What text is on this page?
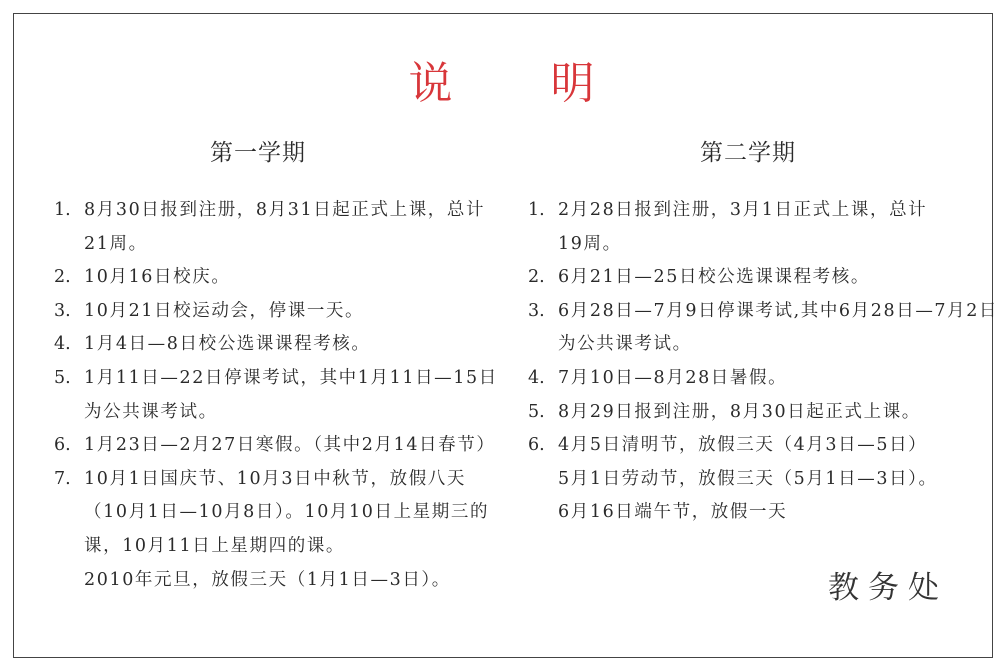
说 明
第一学期
1. 8月30日报到注册，8月31日起正式上课，总计
21周。
2. 10月16日校庆。
3. 10月21日校运动会，停课一天。
4. 1月4日—8日校公选课课程考核。
5. 1月11日—22日停课考试，其中1月11日—15日
为公共课考试。
6. 1月23日—2月27日寒假。（其中2月14日春节）
7. 10月1日国庆节、10月3日中秋节，放假八天
（10月1日—10月8日）。10月10日上星期三的
课，10月11日上星期四的课。
2010年元旦，放假三天（1月1日—3日）。
第二学期
1. 2月28日报到注册，3月1日正式上课，总计
19周。
2. 6月21日—25日校公选课课程考核。
3. 6月28日—7月9日停课考试,其中6月28日—7月2日
为公共课考试。
4. 7月10日—8月28日暑假。
5. 8月29日报到注册，8月30日起正式上课。
6. 4月5日清明节，放假三天（4月3日—5日）
5月1日劳动节，放假三天（5月1日—3日）。
6月16日端午节，放假一天
教务处
